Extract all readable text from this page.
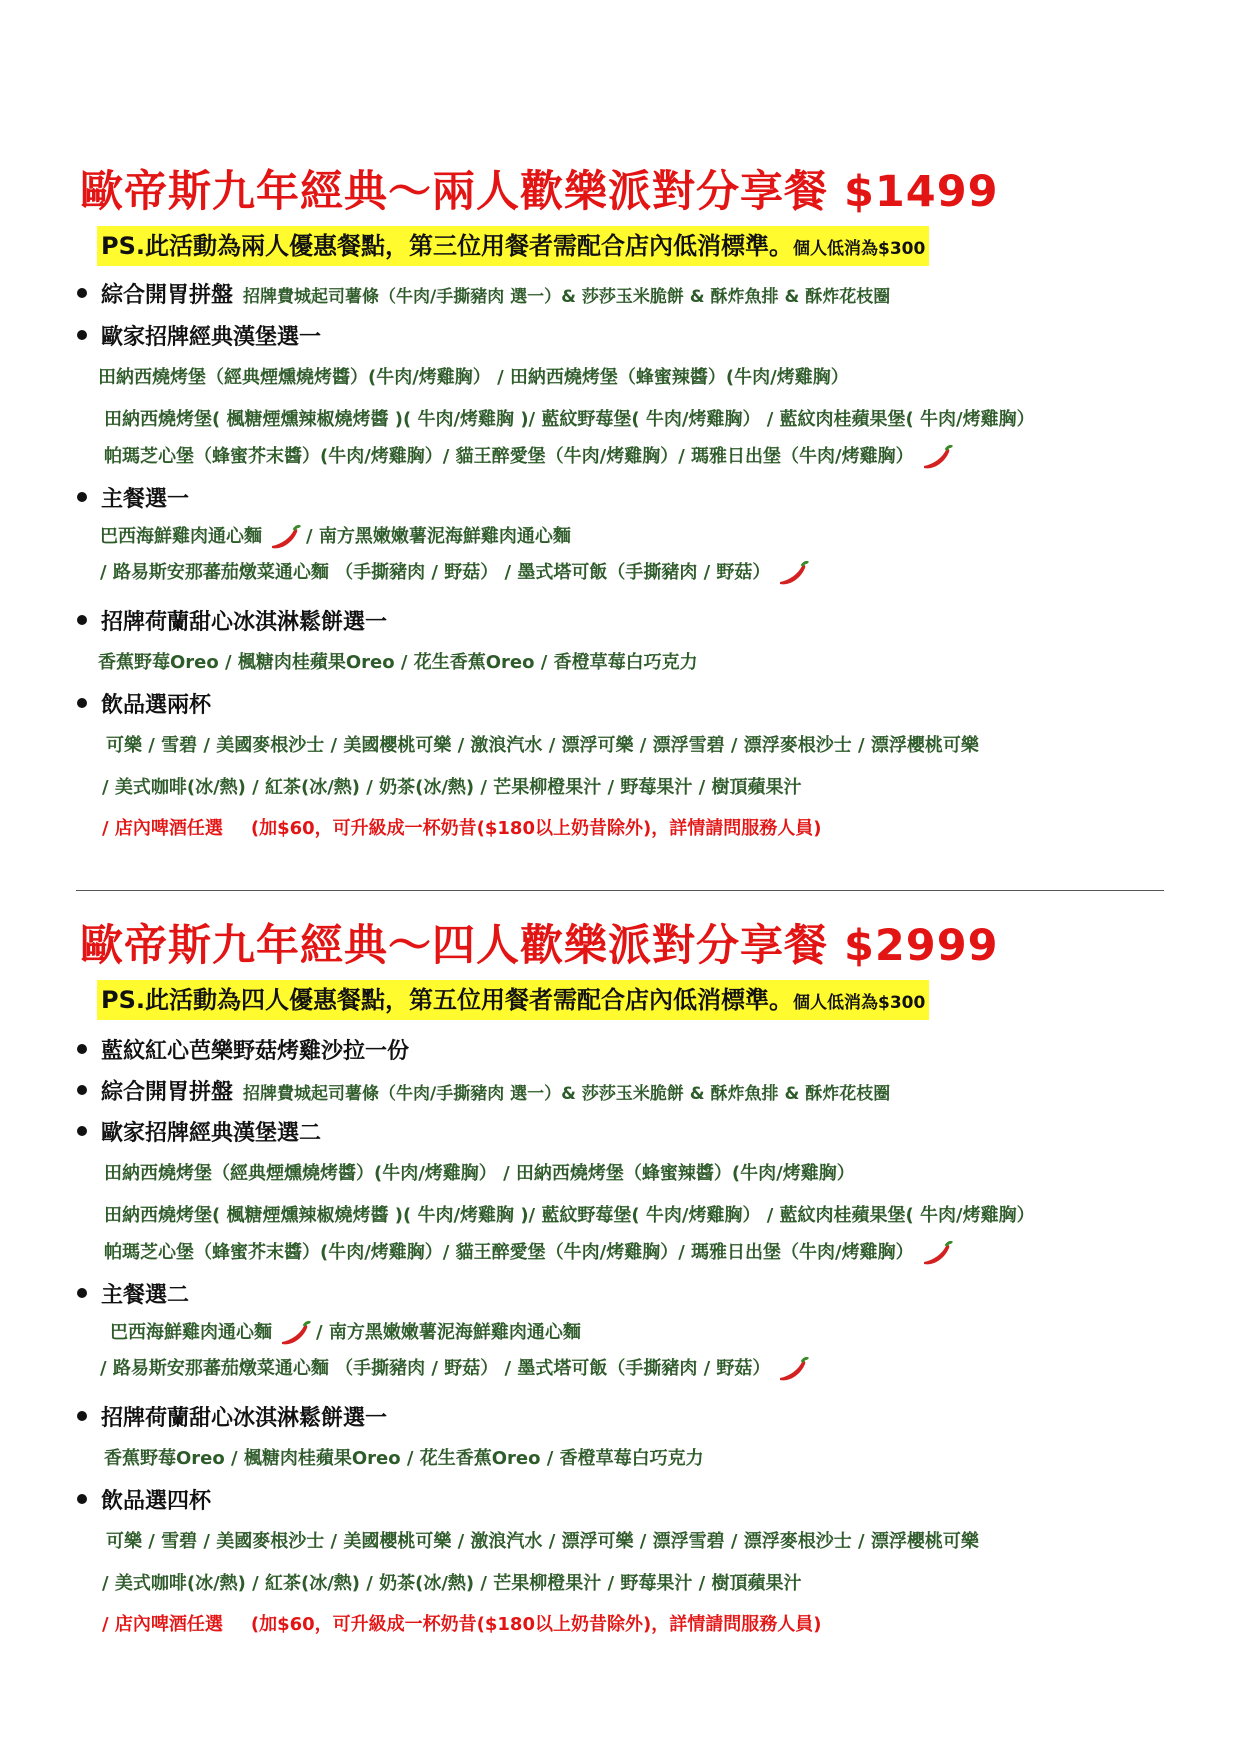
歐帝斯九年經典～兩人歡樂派對分享餐 $1499
PS.此活動為兩人優惠餐點，第三位用餐者需配合店內低消標準。個人低消為$300
綜合開胃拼盤 招牌費城起司薯條（牛肉/手撕豬肉 選一）& 莎莎玉米脆餅 & 酥炸魚排 & 酥炸花枝圈
歐家招牌經典漢堡選一
田納西燒烤堡（經典煙燻燒烤醬）(牛肉/烤雞胸） / 田納西燒烤堡（蜂蜜辣醬）(牛肉/烤雞胸）
田納西燒烤堡( 楓糖煙燻辣椒燒烤醬 )( 牛肉/烤雞胸 )/ 藍紋野莓堡( 牛肉/烤雞胸） / 藍紋肉桂蘋果堡( 牛肉/烤雞胸）
帕瑪芝心堡（蜂蜜芥末醬）(牛肉/烤雞胸）/ 貓王醉愛堡（牛肉/烤雞胸）/ 瑪雅日出堡（牛肉/烤雞胸）
主餐選一
巴西海鮮雞肉通心麵 / 南方黑嫩嫩薯泥海鮮雞肉通心麵
/ 路易斯安那蕃茄燉菜通心麵 （手撕豬肉 / 野菇） / 墨式塔可飯（手撕豬肉 / 野菇）
招牌荷蘭甜心冰淇淋鬆餅選一
香蕉野莓Oreo / 楓糖肉桂蘋果Oreo / 花生香蕉Oreo / 香橙草莓白巧克力
飲品選兩杯
可樂 / 雪碧 / 美國麥根沙士 / 美國櫻桃可樂 / 激浪汽水 / 漂浮可樂 / 漂浮雪碧 / 漂浮麥根沙士 / 漂浮櫻桃可樂
/ 美式咖啡(冰/熱) / 紅茶(冰/熱) / 奶茶(冰/熱) / 芒果柳橙果汁 / 野莓果汁 / 樹頂蘋果汁
/ 店內啤酒任選 (加$60，可升級成一杯奶昔($180以上奶昔除外)，詳情請問服務人員)
歐帝斯九年經典～四人歡樂派對分享餐 $2999
PS.此活動為四人優惠餐點，第五位用餐者需配合店內低消標準。個人低消為$300
藍紋紅心芭樂野菇烤雞沙拉一份
綜合開胃拼盤 招牌費城起司薯條（牛肉/手撕豬肉 選一）& 莎莎玉米脆餅 & 酥炸魚排 & 酥炸花枝圈
歐家招牌經典漢堡選二
田納西燒烤堡（經典煙燻燒烤醬）(牛肉/烤雞胸） / 田納西燒烤堡（蜂蜜辣醬）(牛肉/烤雞胸）
田納西燒烤堡( 楓糖煙燻辣椒燒烤醬 )( 牛肉/烤雞胸 )/ 藍紋野莓堡( 牛肉/烤雞胸） / 藍紋肉桂蘋果堡( 牛肉/烤雞胸）
帕瑪芝心堡（蜂蜜芥末醬）(牛肉/烤雞胸）/ 貓王醉愛堡（牛肉/烤雞胸）/ 瑪雅日出堡（牛肉/烤雞胸）
主餐選二
巴西海鮮雞肉通心麵 / 南方黑嫩嫩薯泥海鮮雞肉通心麵
/ 路易斯安那蕃茄燉菜通心麵 （手撕豬肉 / 野菇） / 墨式塔可飯（手撕豬肉 / 野菇）
招牌荷蘭甜心冰淇淋鬆餅選一
香蕉野莓Oreo / 楓糖肉桂蘋果Oreo / 花生香蕉Oreo / 香橙草莓白巧克力
飲品選四杯
可樂 / 雪碧 / 美國麥根沙士 / 美國櫻桃可樂 / 激浪汽水 / 漂浮可樂 / 漂浮雪碧 / 漂浮麥根沙士 / 漂浮櫻桃可樂
/ 美式咖啡(冰/熱) / 紅茶(冰/熱) / 奶茶(冰/熱) / 芒果柳橙果汁 / 野莓果汁 / 樹頂蘋果汁
/ 店內啤酒任選 (加$60，可升級成一杯奶昔($180以上奶昔除外)，詳情請問服務人員)
